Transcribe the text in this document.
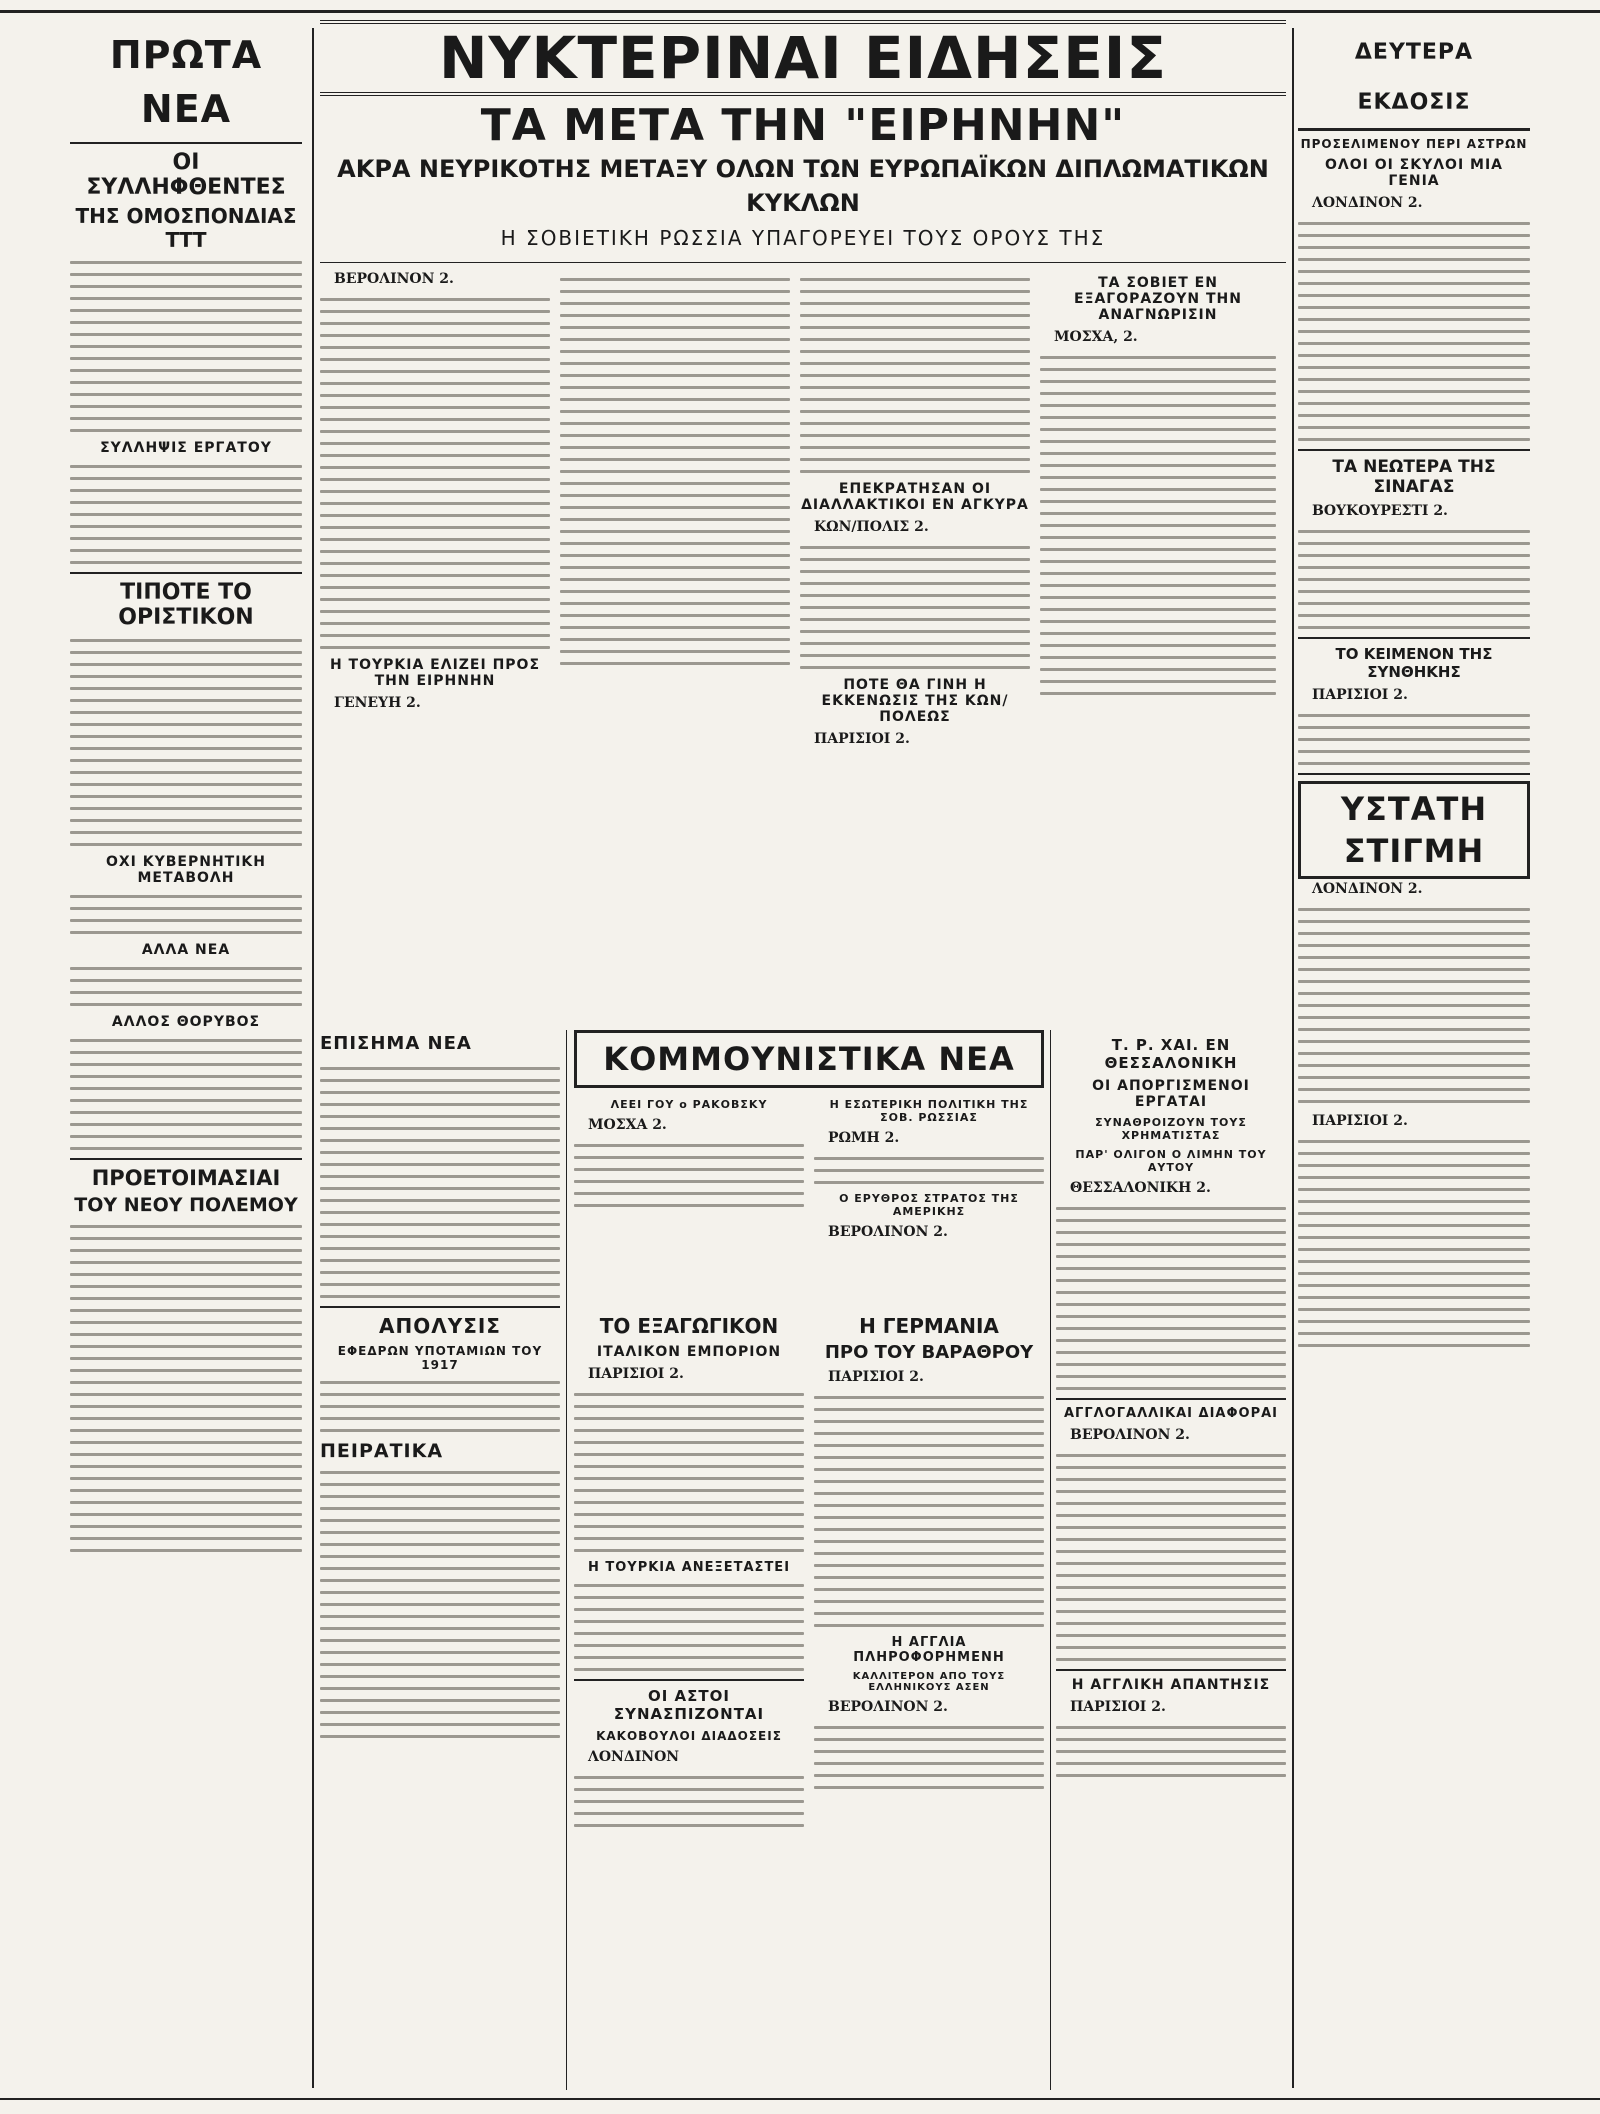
ΠΡΩΤΑ ΝΕΑ
ΟΙ ΣΥΛΛΗΦΘΕΝΤΕΣ
ΤΗΣ ΟΜΟΣΠΟΝΔΙΑΣ ΤΤΤ
ΣΥΛΛΗΨΙΣ ΕΡΓΑΤΟΥ
ΤΙΠΟΤΕ ΤΟ ΟΡΙΣΤΙΚΟΝ
ΟΧΙ ΚΥΒΕΡΝΗΤΙΚΗ ΜΕΤΑΒΟΛΗ
ΑΛΛΑ ΝΕΑ
ΑΛΛΟΣ ΘΟΡΥΒΟΣ
ΠΡΟΕΤΟΙΜΑΣΙΑΙ
ΤΟΥ ΝΕΟΥ ΠΟΛΕΜΟΥ
ΝΥΚΤΕΡΙΝΑΙ ΕΙΔΗΣΕΙΣ
ΤΑ ΜΕΤΑ ΤΗΝ "ΕΙΡΗΝΗΝ"
ΑΚΡΑ ΝΕΥΡΙΚΟΤΗΣ ΜΕΤΑΞΥ ΟΛΩΝ ΤΩΝ ΕΥΡΩΠΑΪΚΩΝ ΔΙΠΛΩΜΑΤΙΚΩΝ ΚΥΚΛΩΝ
Η ΣΟΒΙΕΤΙΚΗ ΡΩΣΣΙΑ ΥΠΑΓΟΡΕΥΕΙ ΤΟΥΣ ΟΡΟΥΣ ΤΗΣ
ΒΕΡΟΛΙΝΟΝ 2.
Η ΤΟΥΡΚΙΑ ΕΛΙΖΕΙ ΠΡΟΣ ΤΗΝ ΕΙΡΗΝΗΝ
ΓΕΝΕΥΗ 2.
ΕΠΕΚΡΑΤΗΣΑΝ ΟΙ ΔΙΑΛΛΑΚΤΙΚΟΙ ΕΝ ΑΓΚΥΡΑ
ΚΩΝ/ΠΟΛΙΣ 2.
ΠΟΤΕ ΘΑ ΓΙΝΗ Η ΕΚΚΕΝΩΣΙΣ ΤΗΣ ΚΩΝ/ΠΟΛΕΩΣ
ΠΑΡΙΣΙΟΙ 2.
ΤΑ ΣΟΒΙΕΤ ΕΝ ΕΞΑΓΟΡΑΖΟΥΝ ΤΗΝ ΑΝΑΓΝΩΡΙΣΙΝ
ΜΟΣΧΑ, 2.
ΔΕΥΤΕΡΑ ΕΚΔΟΣΙΣ
ΠΡΟΣΕΛΙΜΕΝΟΥ ΠΕΡΙ ΑΣΤΡΩΝ
ΟΛΟΙ ΟΙ ΣΚΥΛΟΙ ΜΙΑ ΓΕΝΙΑ
ΛΟΝΔΙΝΟΝ 2.
ΤΑ ΝΕΩΤΕΡΑ ΤΗΣ ΣΙΝΑΓΑΣ
ΒΟΥΚΟΥΡΕΣΤΙ 2.
ΤΟ ΚΕΙΜΕΝΟΝ ΤΗΣ ΣΥΝΘΗΚΗΣ
ΠΑΡΙΣΙΟΙ 2.
ΥΣΤΑΤΗ ΣΤΙΓΜΗ
ΛΟΝΔΙΝΟΝ 2.
ΠΑΡΙΣΙΟΙ 2.
ΕΠΙΣΗΜΑ ΝΕΑ
ΑΠΟΛΥΣΙΣ
ΕΦΕΔΡΩΝ ΥΠΟΤΑΜΙΩΝ ΤΟΥ 1917
ΠΕΙΡΑΤΙΚΑ
ΚΟΜΜΟΥΝΙΣΤΙΚΑ ΝΕΑ
ΛΕΕΙ ΓΟΥ ο ΡΑΚΟΒΣΚΥ
ΜΟΣΧΑ 2.
Η ΕΣΩΤΕΡΙΚΗ ΠΟΛΙΤΙΚΗ ΤΗΣ ΣΟΒ. ΡΩΣΣΙΑΣ
ΡΩΜΗ 2.
Ο ΕΡΥΘΡΟΣ ΣΤΡΑΤΟΣ ΤΗΣ ΑΜΕΡΙΚΗΣ
ΒΕΡΟΛΙΝΟΝ 2.
ΤΟ ΕΞΑΓΩΓΙΚΟΝ
ΙΤΑΛΙΚΟΝ ΕΜΠΟΡΙΟΝ
ΠΑΡΙΣΙΟΙ 2.
Η ΤΟΥΡΚΙΑ ΑΝΕΞΕΤΑΣΤΕΙ
ΟΙ ΑΣΤΟΙ ΣΥΝΑΣΠΙΖΟΝΤΑΙ
ΚΑΚΟΒΟΥΛΟΙ ΔΙΑΔΟΣΕΙΣ
ΛΟΝΔΙΝΟΝ
Η ΓΕΡΜΑΝΙΑ
ΠΡΟ ΤΟΥ ΒΑΡΑΘΡΟΥ
ΠΑΡΙΣΙΟΙ 2.
Η ΑΓΓΛΙΑ ΠΛΗΡΟΦΟΡΗΜΕΝΗ
ΚΑΛΛΙΤΕΡΟΝ ΑΠΟ ΤΟΥΣ ΕΛΛΗΝΙΚΟΥΣ ΑΣΕΝ
ΒΕΡΟΛΙΝΟΝ 2.
Τ. Ρ. ΧΑΙ. ΕΝ ΘΕΣΣΑΛΟΝΙΚΗ
ΟΙ ΑΠΟΡΓΙΣΜΕΝΟΙ ΕΡΓΑΤΑΙ
ΣΥΝΑΘΡΟΙΖΟΥΝ ΤΟΥΣ ΧΡΗΜΑΤΙΣΤΑΣ
ΠΑΡ' ΟΛΙΓΟΝ Ο ΛΙΜΗΝ ΤΟΥ ΑΥΤΟΥ
ΘΕΣΣΑΛΟΝΙΚΗ 2.
ΑΓΓΛΟΓΑΛΛΙΚΑΙ ΔΙΑΦΟΡΑΙ
ΒΕΡΟΛΙΝΟΝ 2.
Η ΑΓΓΛΙΚΗ ΑΠΑΝΤΗΣΙΣ
ΠΑΡΙΣΙΟΙ 2.
